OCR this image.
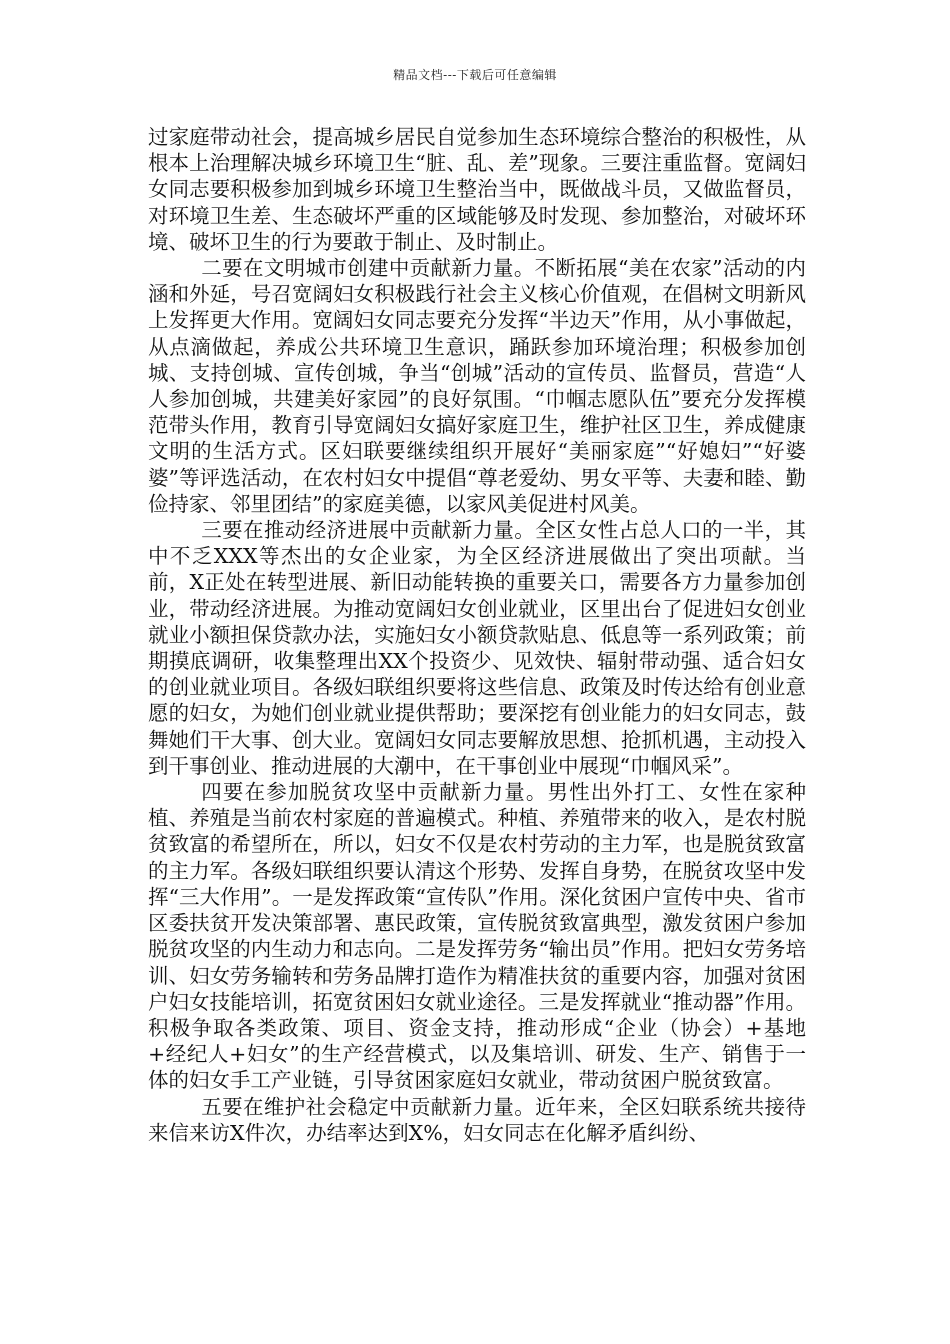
精品文档---下载后可任意编辑

过家庭带动社会，提高城乡居民自觉参加生态环境综合整治的积极性，从根本上治理解决城乡环境卫生“脏、乱、差”现象。三要注重监督。宽阔妇女同志要积极参加到城乡环境卫生整治当中，既做战斗员，又做监督员，对环境卫生差、生态破坏严重的区域能够及时发现、参加整治，对破坏环境、破坏卫生的行为要敢于制止、及时制止。

二要在文明城市创建中贡献新力量。不断拓展“美在农家”活动的内涵和外延，号召宽阔妇女积极践行社会主义核心价值观，在倡树文明新风上发挥更大作用。宽阔妇女同志要充分发挥“半边天”作用，从小事做起，从点滴做起，养成公共环境卫生意识，踊跃参加环境治理；积极参加创城、支持创城、宣传创城，争当“创城”活动的宣传员、监督员，营造“人人参加创城，共建美好家园”的良好氛围。“巾帼志愿队伍”要充分发挥模范带头作用，教育引导宽阔妇女搞好家庭卫生，维护社区卫生，养成健康文明的生活方式。区妇联要继续组织开展好“美丽家庭”“好媳妇”“好婆婆”等评选活动，在农村妇女中提倡“尊老爱幼、男女平等、夫妻和睦、勤俭持家、邻里团结”的家庭美德，以家风美促进村风美。

三要在推动经济进展中贡献新力量。全区女性占总人口的一半，其中不乏XXX等杰出的女企业家，为全区经济进展做出了突出项献。当前，X正处在转型进展、新旧动能转换的重要关口，需要各方力量参加创业，带动经济进展。为推动宽阔妇女创业就业，区里出台了促进妇女创业就业小额担保贷款办法，实施妇女小额贷款贴息、低息等一系列政策；前期摸底调研，收集整理出XX个投资少、见效快、辐射带动强、适合妇女的创业就业项目。各级妇联组织要将这些信息、政策及时传达给有创业意愿的妇女，为她们创业就业提供帮助；要深挖有创业能力的妇女同志，鼓舞她们干大事、创大业。宽阔妇女同志要解放思想、抢抓机遇，主动投入到干事创业、推动进展的大潮中，在干事创业中展现“巾帼风采”。

四要在参加脱贫攻坚中贡献新力量。男性出外打工、女性在家种植、养殖是当前农村家庭的普遍模式。种植、养殖带来的收入，是农村脱贫致富的希望所在，所以，妇女不仅是农村劳动的主力军，也是脱贫致富的主力军。各级妇联组织要认清这个形势、发挥自身势，在脱贫攻坚中发挥“三大作用”。一是发挥政策“宣传队”作用。深化贫困户宣传中央、省市区委扶贫开发决策部署、惠民政策，宣传脱贫致富典型，激发贫困户参加脱贫攻坚的内生动力和志向。二是发挥劳务“输出员”作用。把妇女劳务培训、妇女劳务输转和劳务品牌打造作为精准扶贫的重要内容，加强对贫困户妇女技能培训，拓宽贫困妇女就业途径。三是发挥就业“推动器”作用。积极争取各类政策、项目、资金支持，推动形成“企业（协会）+基地+经纪人+妇女”的生产经营模式，以及集培训、研发、生产、销售于一体的妇女手工产业链，引导贫困家庭妇女就业，带动贫困户脱贫致富。

五要在维护社会稳定中贡献新力量。近年来，全区妇联系统共接待来信来访X件次，办结率达到X%，妇女同志在化解矛盾纠纷、
